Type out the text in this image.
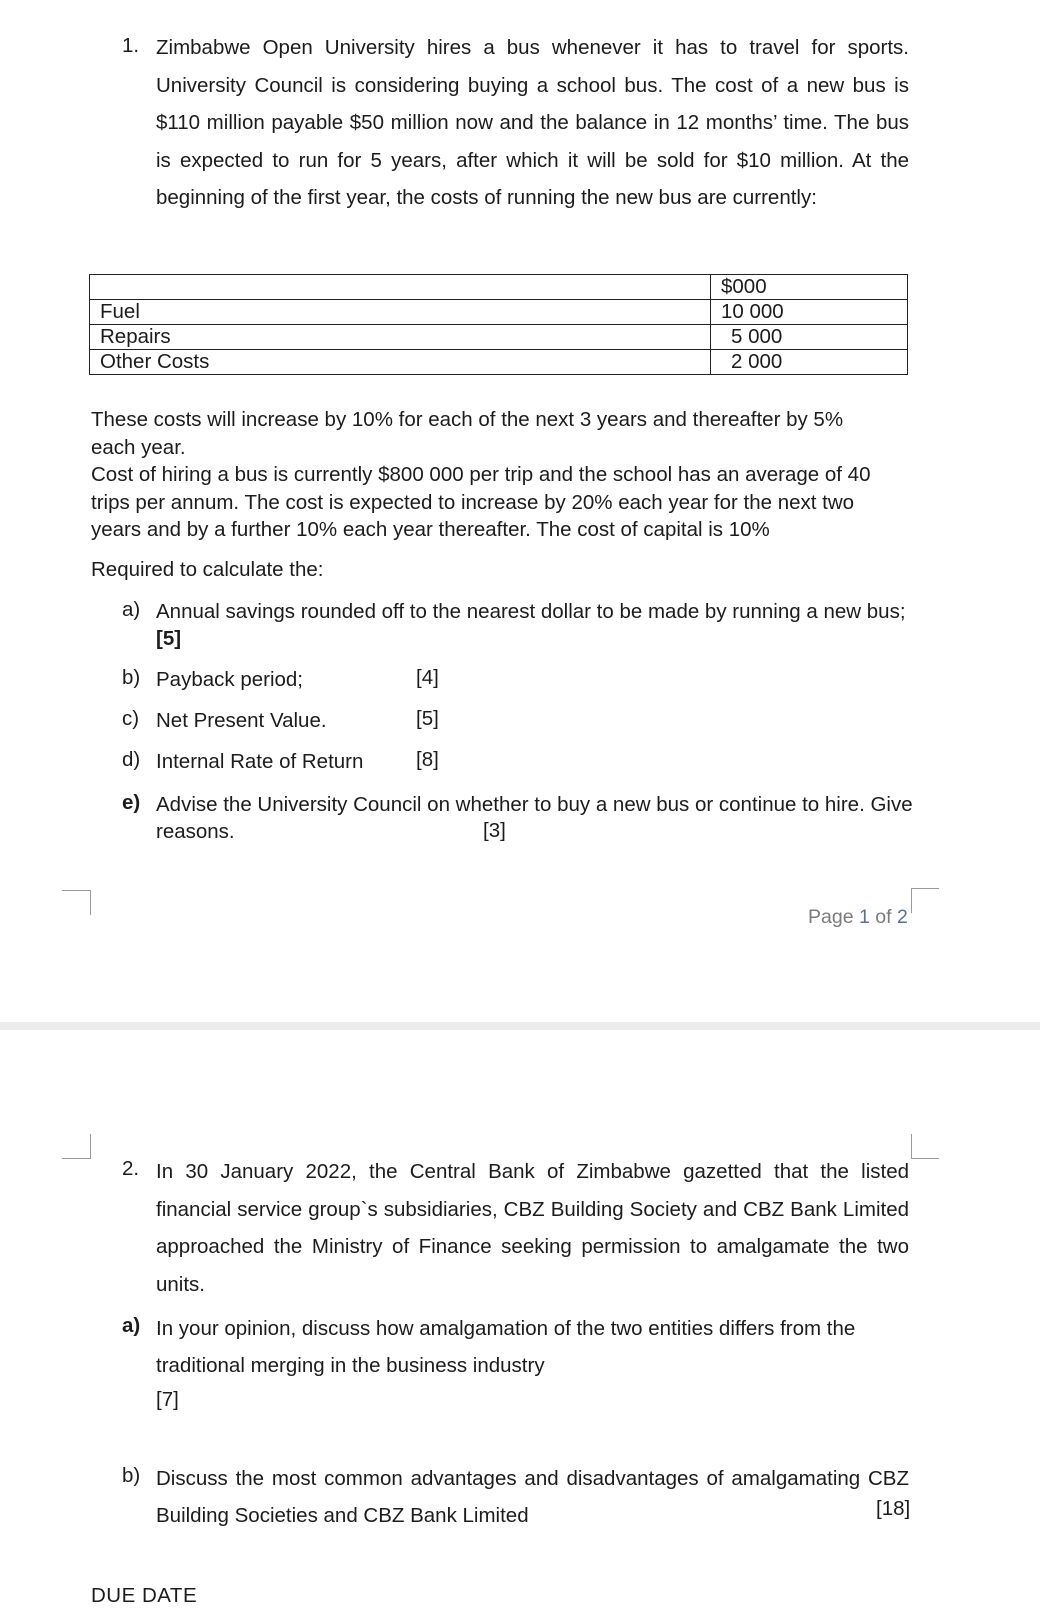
1. Zimbabwe Open University hires a bus whenever it has to travel for sports. University Council is considering buying a school bus. The cost of a new bus is $110 million payable $50 million now and the balance in 12 months’ time. The bus is expected to run for 5 years, after which it will be sold for $10 million. At the beginning of the first year, the costs of running the new bus are currently:
	$000
Fuel	10 000
Repairs	5 000
Other Costs	2 000
These costs will increase by 10% for each of the next 3 years and thereafter by 5% each year.
Cost of hiring a bus is currently $800 000 per trip and the school has an average of 40 trips per annum. The cost is expected to increase by 20% each year for the next two years and by a further 10% each year thereafter. The cost of capital is 10%
Required to calculate the:
a) Annual savings rounded off to the nearest dollar to be made by running a new bus; [5]
b) Payback period;	[4]
c) Net Present Value.	[5]
d) Internal Rate of Return	[8]
e) Advise the University Council on whether to buy a new bus or continue to hire. Give reasons.	[3]
Page 1 of 2
2. In 30 January 2022, the Central Bank of Zimbabwe gazetted that the listed financial service group`s subsidiaries, CBZ Building Society and CBZ Bank Limited approached the Ministry of Finance seeking permission to amalgamate the two units.
a) In your opinion, discuss how amalgamation of the two entities differs from the traditional merging in the business industry
[7]
b) Discuss the most common advantages and disadvantages of amalgamating CBZ Building Societies and CBZ Bank Limited	[18]
DUE DATE
